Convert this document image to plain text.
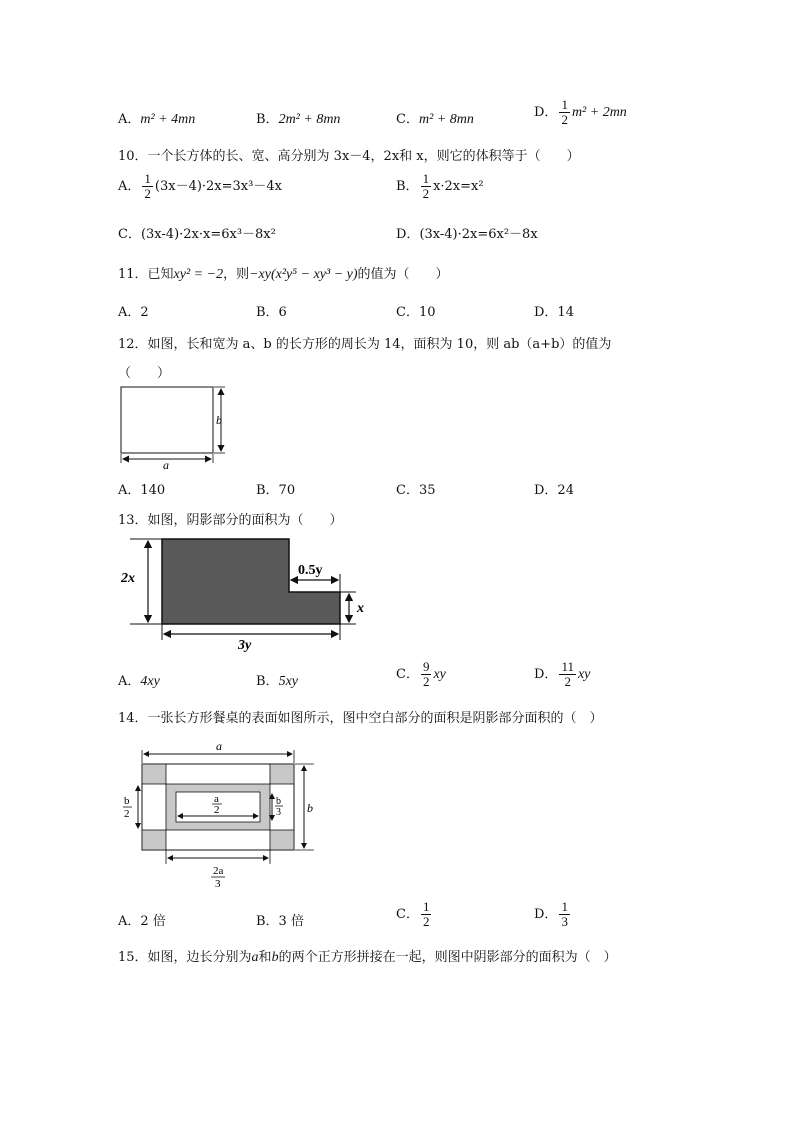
A．m² + 4mn	B．2m² + 8mn	C．m² + 8mn	D． $\frac{1}{2} m^2 + 2mn$
10．一个长方体的长、宽、高分别为 3x－4，2x和 x，则它的体积等于（　　）
A． $\frac{1}{2} (3x-4)\cdot 2x=3x^3-4x$	B． $\frac{1}{2} x\cdot 2x=x^2$
C．(3x-4)·2x·x=6x³－8x²	D．(3x-4)·2x=6x²－8x
11．已知xy² = −2，则−xy(x²y⁵ − xy³ − y)的值为（　　）
A．2	B．6	C．10	D．14
12．如图，长和宽为 a、b 的长方形的周长为 14，面积为 10，则 ab（a+b）的值为
（　　）
b
a
A．140	B．70	C．35	D．24
13．如图，阴影部分的面积为（　　）
2x
0.5y
x
3y
A．4xy	B．5xy	C． $\frac{9}{2}$ xy	D． $\frac{11}{2}$ xy
14．一张长方形餐桌的表面如图所示，图中空白部分的面积是阴影部分面积的（　）
a
b
b
2
a
2
b
3
2a
3
A．2 倍	B．3 倍	C． $\frac{1}{2}$	D． $\frac{1}{3}$
15．如图，边长分别为a和b的两个正方形拼接在一起，则图中阴影部分的面积为（　）
